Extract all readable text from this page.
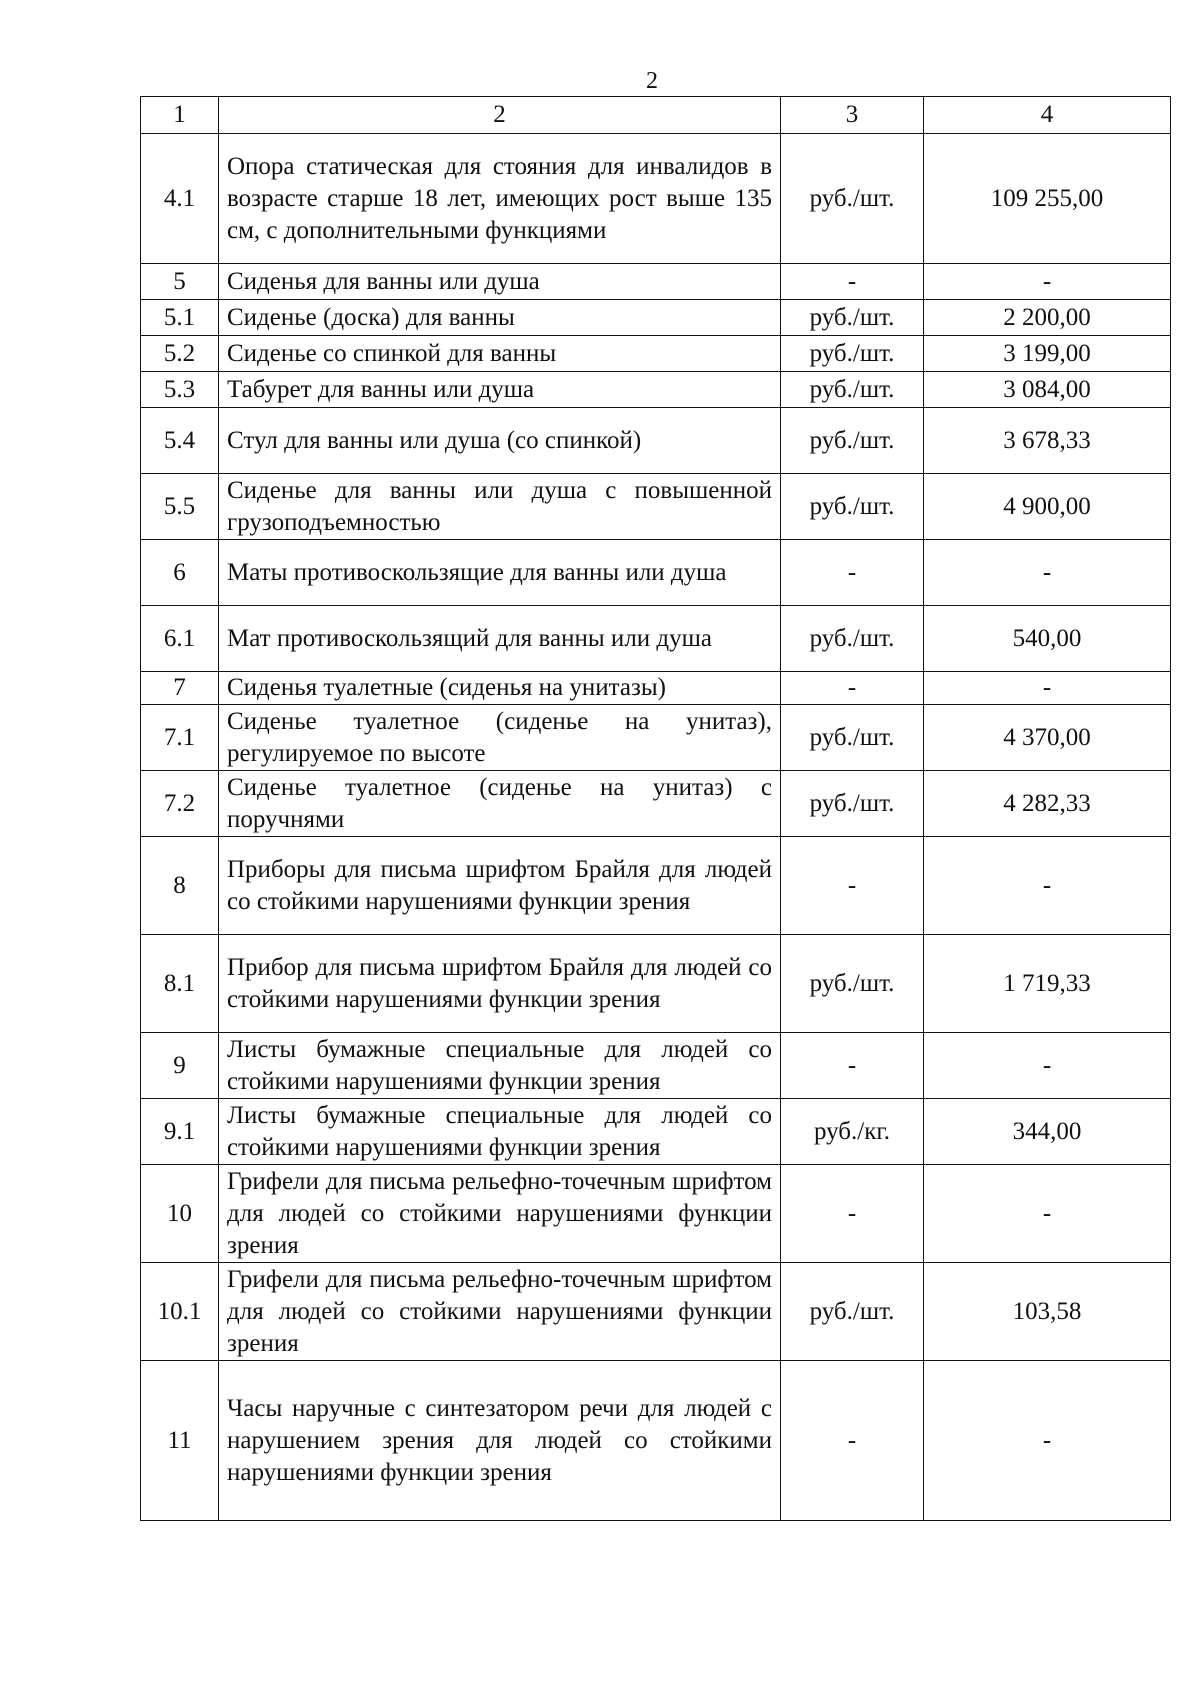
2
1	2	3	4
4.1	Опора статическая для стояния для инвалидов в возрасте старше 18 лет, имеющих рост выше 135 см, с дополнительными функциями	руб./шт.	109 255,00
5	Сиденья для ванны или душа	-	-
5.1	Сиденье (доска) для ванны	руб./шт.	2 200,00
5.2	Сиденье со спинкой для ванны	руб./шт.	3 199,00
5.3	Табурет для ванны или душа	руб./шт.	3 084,00
5.4	Стул для ванны или душа (со спинкой)	руб./шт.	3 678,33
5.5	Сиденье для ванны или душа с повышенной грузоподъемностью	руб./шт.	4 900,00
6	Маты противоскользящие для ванны или душа	-	-
6.1	Мат противоскользящий для ванны или душа	руб./шт.	540,00
7	Сиденья туалетные (сиденья на унитазы)	-	-
7.1	Сиденье туалетное (сиденье на унитаз), регулируемое по высоте	руб./шт.	4 370,00
7.2	Сиденье туалетное (сиденье на унитаз) с поручнями	руб./шт.	4 282,33
8	Приборы для письма шрифтом Брайля для людей со стойкими нарушениями функции зрения	-	-
8.1	Прибор для письма шрифтом Брайля для людей со стойкими нарушениями функции зрения	руб./шт.	1 719,33
9	Листы бумажные специальные для людей со стойкими нарушениями функции зрения	-	-
9.1	Листы бумажные специальные для людей со стойкими нарушениями функции зрения	руб./кг.	344,00
10	Грифели для письма рельефно-точечным шрифтом для людей со стойкими нарушениями функции зрения	-	-
10.1	Грифели для письма рельефно-точечным шрифтом для людей со стойкими нарушениями функции зрения	руб./шт.	103,58
11	Часы наручные с синтезатором речи для людей с нарушением зрения для людей со стойкими нарушениями функции зрения	-	-
